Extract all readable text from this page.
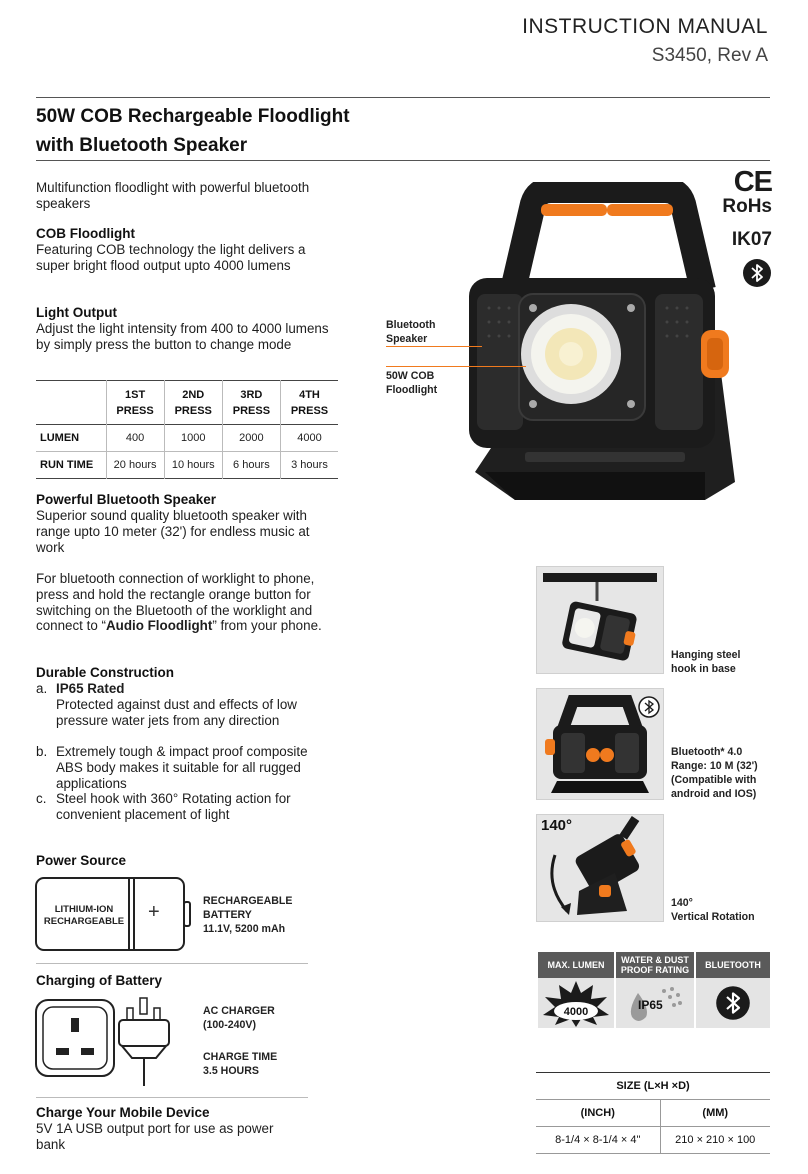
INSTRUCTION MANUAL
S3450, Rev A
50W COB Rechargeable Floodlight
with Bluetooth Speaker
Multifunction floodlight with powerful bluetooth speakers
COB Floodlight
Featuring COB technology the light delivers a super bright flood output upto 4000 lumens
Light Output
Adjust the light intensity from 400 to 4000 lumens by simply press the button to change mode
	1ST PRESS	2ND PRESS	3RD PRESS	4TH PRESS
LUMEN	400	1000	2000	4000
RUN TIME	20 hours	10 hours	6 hours	3 hours
Powerful Bluetooth Speaker
Superior sound quality bluetooth speaker with range upto 10 meter (32') for endless music at work
For bluetooth connection of worklight to phone, press and hold the rectangle orange button for switching on the Bluetooth of the worklight and connect to “Audio Floodlight” from your phone.
Durable Construction
a. IP65 Rated
Protected against dust and effects of low pressure water jets from any direction
b. Extremely tough & impact proof composite ABS body makes it suitable for all rugged applications
c. Steel hook with 360° Rotating action for convenient placement of light
Power Source
LITHIUM-ION
RECHARGEABLE +	RECHARGEABLE
BATTERY
11.1V, 5200 mAh
Charging of Battery
AC CHARGER
(100-240V)
CHARGE TIME
3.5 HOURS
Charge Your Mobile Device
5V 1A USB output port for use as power bank
CE
RoHs
IK07
Bluetooth
Speaker
50W COB
Floodlight
Hanging steel
hook in base
Bluetooth* 4.0
Range: 10 M (32')
(Compatible with
android and IOS)
140°
140°
Vertical Rotation
MAX. LUMEN
4000
WATER & DUST
PROOF RATING
IP65
BLUETOOTH
SIZE (L×H ×D)	
(INCH)	(MM)
8-1/4 × 8-1/4 × 4"	210 × 210 × 100
